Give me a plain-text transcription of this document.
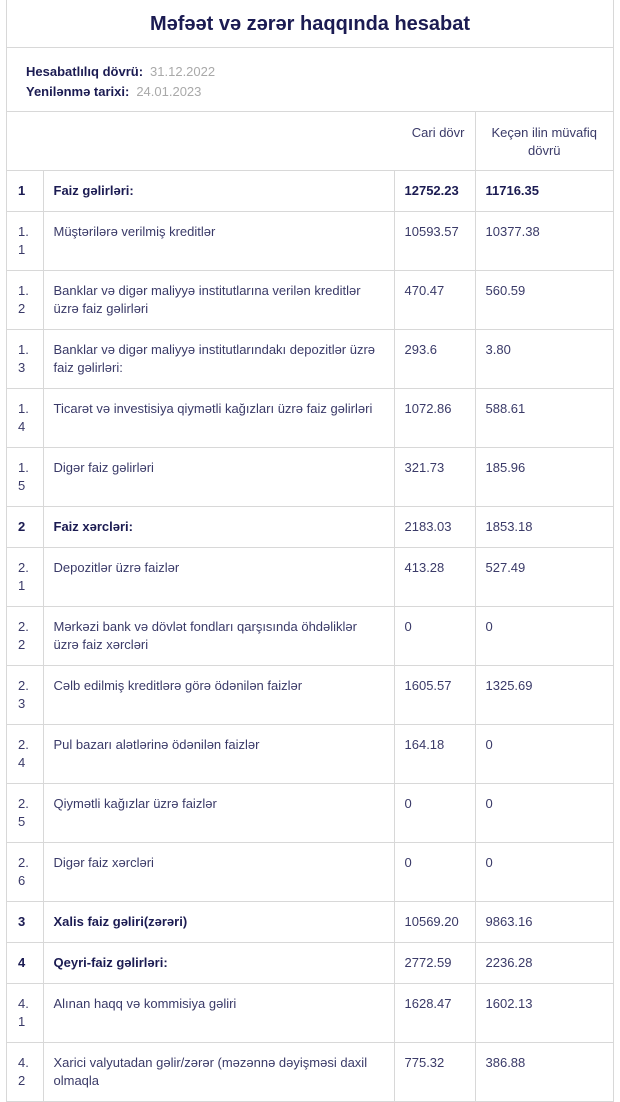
Məfəət və zərər haqqında hesabat
Hesabatlılıq dövrü: 31.12.2022
Yenilənmə tarixi: 24.01.2023
		Cari dövr	Keçən ilin müvafiq dövrü
1	Faiz gəlirləri:	12752.23	11716.35
1.1	Müştərilərə verilmiş kreditlər	10593.57	10377.38
1.2	Banklar və digər maliyyə institutlarına verilən kreditlər üzrə faiz gəlirləri	470.47	560.59
1.3	Banklar və digər maliyyə institutlarındakı depozitlər üzrə faiz gəlirləri:	293.6	3.80
1.4	Ticarət və investisiya qiymətli kağızları üzrə faiz gəlirləri	1072.86	588.61
1.5	Digər faiz gəlirləri	321.73	185.96
2	Faiz xərcləri:	2183.03	1853.18
2.1	Depozitlər üzrə faizlər	413.28	527.49
2.2	Mərkəzi bank və dövlət fondları qarşısında öhdəliklər üzrə faiz xərcləri	0	0
2.3	Cəlb edilmiş kreditlərə görə ödənilən faizlər	1605.57	1325.69
2.4	Pul bazarı alətlərinə ödənilən faizlər	164.18	0
2.5	Qiymətli kağızlar üzrə faizlər	0	0
2.6	Digər faiz xərcləri	0	0
3	Xalis faiz gəliri(zərəri)	10569.20	9863.16
4	Qeyri-faiz gəlirləri:	2772.59	2236.28
4.1	Alınan haqq və kommisiya gəliri	1628.47	1602.13
4.2	Xarici valyutadan gəlir/zərər (məzənnə dəyişməsi daxil olmaqla	775.32	386.88
